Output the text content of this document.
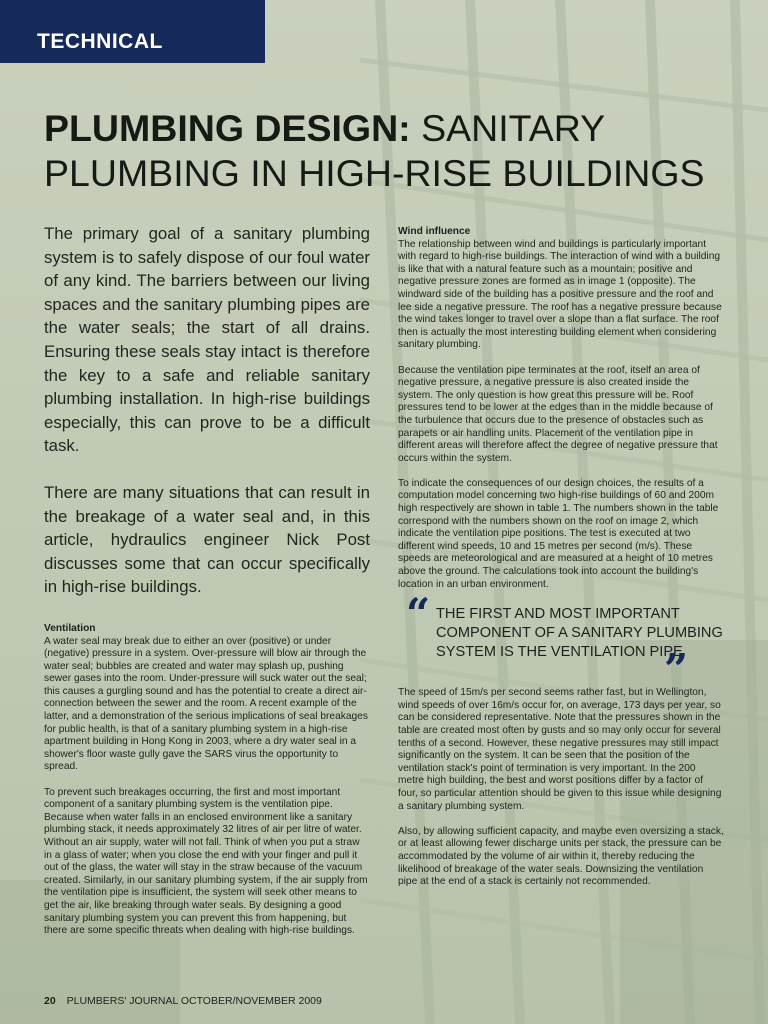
TECHNICAL
PLUMBING DESIGN: SANITARY PLUMBING IN HIGH-RISE BUILDINGS

The primary goal of a sanitary plumbing system is to safely dispose of our foul water of any kind. The barriers between our living spaces and the sanitary plumbing pipes are the water seals; the start of all drains. Ensuring these seals stay intact is therefore the key to a safe and reliable sanitary plumbing installation. In high-rise buildings especially, this can prove to be a difficult task.

There are many situations that can result in the breakage of a water seal and, in this article, hydraulics engineer Nick Post discusses some that can occur specifically in high-rise buildings.

Ventilation

A water seal may break due to either an over (positive) or under (negative) pressure in a system. Over-pressure will blow air through the water seal; bubbles are created and water may splash up, pushing sewer gases into the room. Under-pressure will suck water out the seal; this causes a gurgling sound and has the potential to create a direct air-connection between the sewer and the room. A recent example of the latter, and a demonstration of the serious implications of seal breakages for public health, is that of a sanitary plumbing system in a high-rise apartment building in Hong Kong in 2003, where a dry water seal in a shower's floor waste gully gave the SARS virus the opportunity to spread.

To prevent such breakages occurring, the first and most important component of a sanitary plumbing system is the ventilation pipe. Because when water falls in an enclosed environment like a sanitary plumbing stack, it needs approximately 32 litres of air per litre of water. Without an air supply, water will not fall. Think of when you put a straw in a glass of water; when you close the end with your finger and pull it out of the glass, the water will stay in the straw because of the vacuum created. Similarly, in our sanitary plumbing system, if the air supply from the ventilation pipe is insufficient, the system will seek other means to get the air, like breaking through water seals. By designing a good sanitary plumbing system you can prevent this from happening, but there are some specific threats when dealing with high-rise buildings.

Wind influence

The relationship between wind and buildings is particularly important with regard to high-rise buildings. The interaction of wind with a building is like that with a natural feature such as a mountain; positive and negative pressure zones are formed as in image 1 (opposite). The windward side of the building has a positive pressure and the roof and lee side a negative pressure. The roof has a negative pressure because the wind takes longer to travel over a slope than a flat surface. The roof then is actually the most interesting building element when considering sanitary plumbing.

Because the ventilation pipe terminates at the roof, itself an area of negative pressure, a negative pressure is also created inside the system. The only question is how great this pressure will be. Roof pressures tend to be lower at the edges than in the middle because of the turbulence that occurs due to the presence of obstacles such as parapets or air handling units. Placement of the ventilation pipe in different areas will therefore affect the degree of negative pressure that occurs within the system.

To indicate the consequences of our design choices, the results of a computation model concerning two high-rise buildings of 60 and 200m high respectively are shown in table 1. The numbers shown in the table correspond with the numbers shown on the roof on image 2, which indicate the ventilation pipe positions. The test is executed at two different wind speeds, 10 and 15 metres per second (m/s). These speeds are meteorological and are measured at a height of 10 metres above the ground. The calculations took into account the building's location in an urban environment.

“ THE FIRST AND MOST IMPORTANT COMPONENT OF A SANITARY PLUMBING SYSTEM IS THE VENTILATION PIPE

”

The speed of 15m/s per second seems rather fast, but in Wellington, wind speeds of over 16m/s occur for, on average, 173 days per year, so can be considered representative. Note that the pressures shown in the table are created most often by gusts and so may only occur for several tenths of a second. However, these negative pressures may still impact significantly on the system. It can be seen that the position of the ventilation stack's point of termination is very important. In the 200 metre high building, the best and worst positions differ by a factor of four, so particular attention should be given to this issue while designing a sanitary plumbing system.

Also, by allowing sufficient capacity, and maybe even oversizing a stack, or at least allowing fewer discharge units per stack, the pressure can be accommodated by the volume of air within it, thereby reducing the likelihood of breakage of the water seals. Downsizing the ventilation pipe at the end of a stack is certainly not recommended.

20 PLUMBERS' JOURNAL OCTOBER/NOVEMBER 2009
